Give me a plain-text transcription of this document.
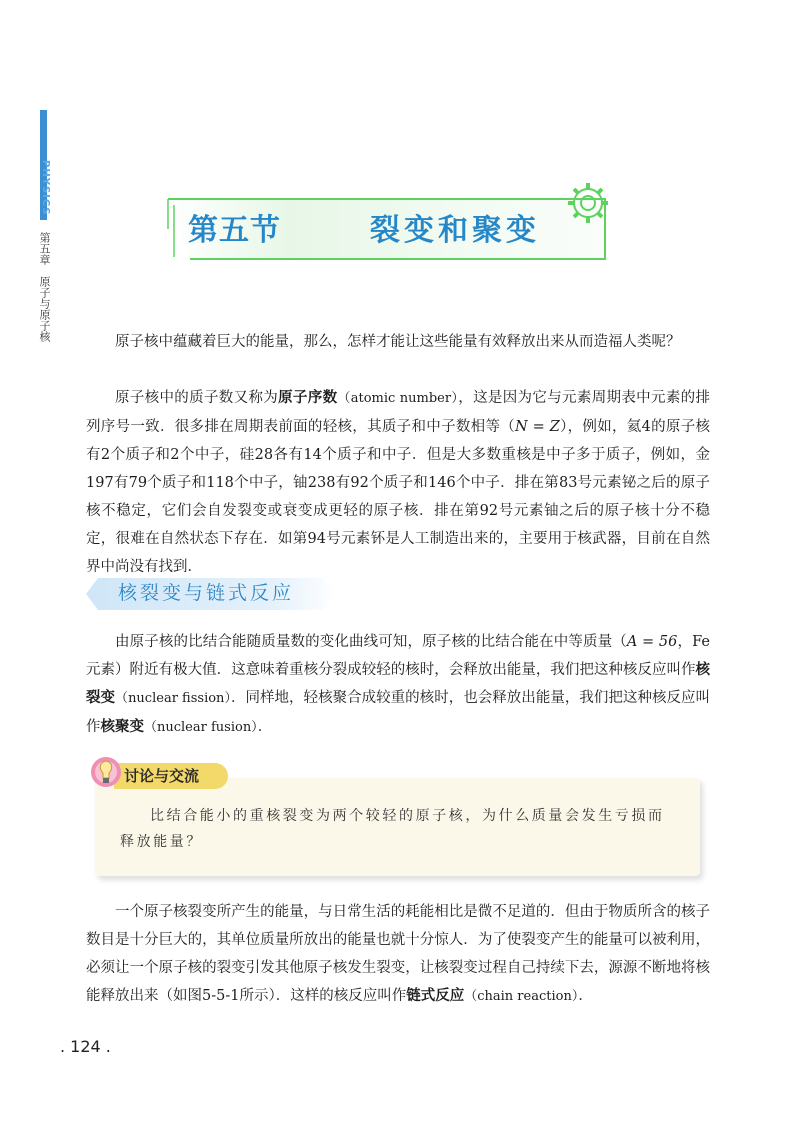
PHYSICS
第五章　原子与原子核
第五节	裂变和聚变
原子核中蕴藏着巨大的能量，那么，怎样才能让这些能量有效释放出来从而造福人类呢？
原子核中的质子数又称为原子序数（atomic number），这是因为它与元素周期表中元素的排列序号一致．很多排在周期表前面的轻核，其质子和中子数相等（N = Z），例如，氦4的原子核有2个质子和2个中子，硅28各有14个质子和中子．但是大多数重核是中子多于质子，例如，金197有79个质子和118个中子，铀238有92个质子和146个中子．排在第83号元素铋之后的原子核不稳定，它们会自发裂变或衰变成更轻的原子核．排在第92号元素铀之后的原子核十分不稳定，很难在自然状态下存在．如第94号元素钚是人工制造出来的，主要用于核武器，目前在自然界中尚没有找到．
核裂变与链式反应
由原子核的比结合能随质量数的变化曲线可知，原子核的比结合能在中等质量（A = 56，Fe元素）附近有极大值．这意味着重核分裂成较轻的核时，会释放出能量，我们把这种核反应叫作核裂变（nuclear fission）．同样地，轻核聚合成较重的核时，也会释放出能量，我们把这种核反应叫作核聚变（nuclear fusion）．
讨论与交流
比结合能小的重核裂变为两个较轻的原子核，为什么质量会发生亏损而释放能量？
一个原子核裂变所产生的能量，与日常生活的耗能相比是微不足道的．但由于物质所含的核子数目是十分巨大的，其单位质量所放出的能量也就十分惊人．为了使裂变产生的能量可以被利用，必须让一个原子核的裂变引发其他原子核发生裂变，让核裂变过程自己持续下去，源源不断地将核能释放出来（如图5-5-1所示）．这样的核反应叫作链式反应（chain reaction）．
. 124 .
